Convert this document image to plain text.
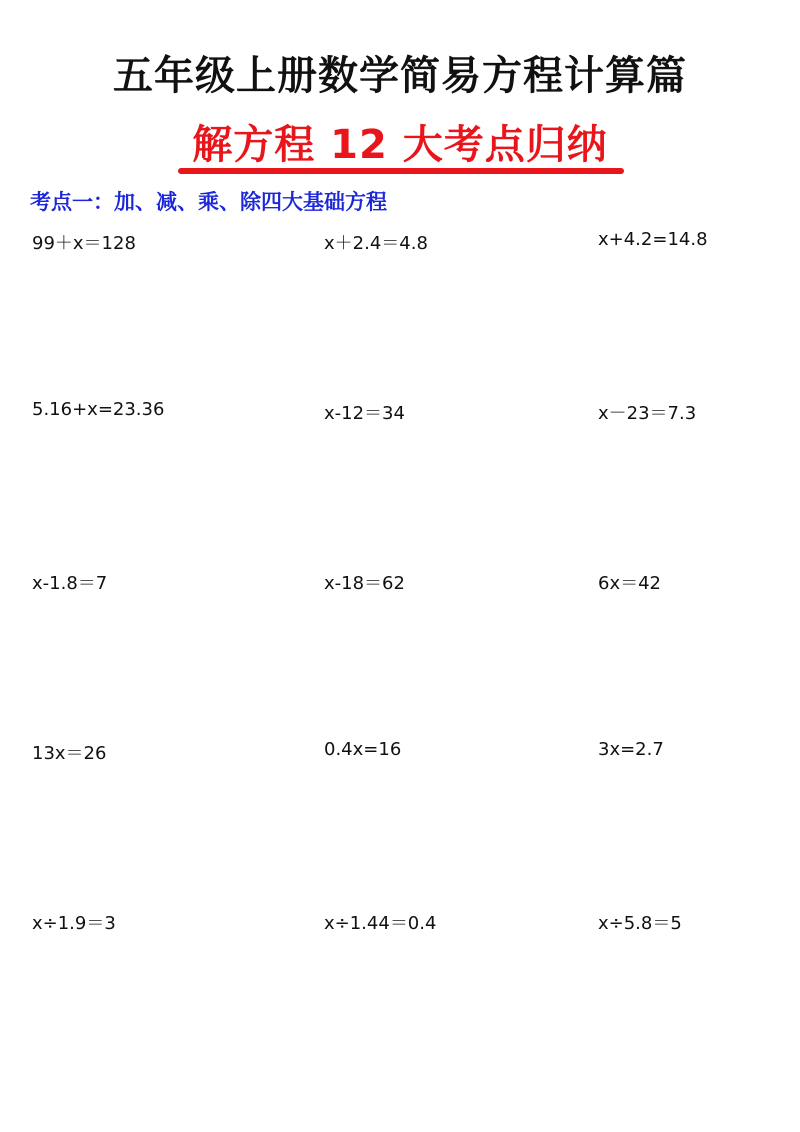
五年级上册数学简易方程计算篇
解方程 12 大考点归纳
考点一：加、减、乘、除四大基础方程
99＋x＝128	x＋2.4＝4.8	x+4.2=14.8
5.16+x=23.36	x-12＝34	x－23＝7.3
x-1.8＝7	x-18＝62	6x＝42
13x＝26	0.4x=16	3x=2.7
x÷1.9＝3	x÷1.44＝0.4	x÷5.8＝5
